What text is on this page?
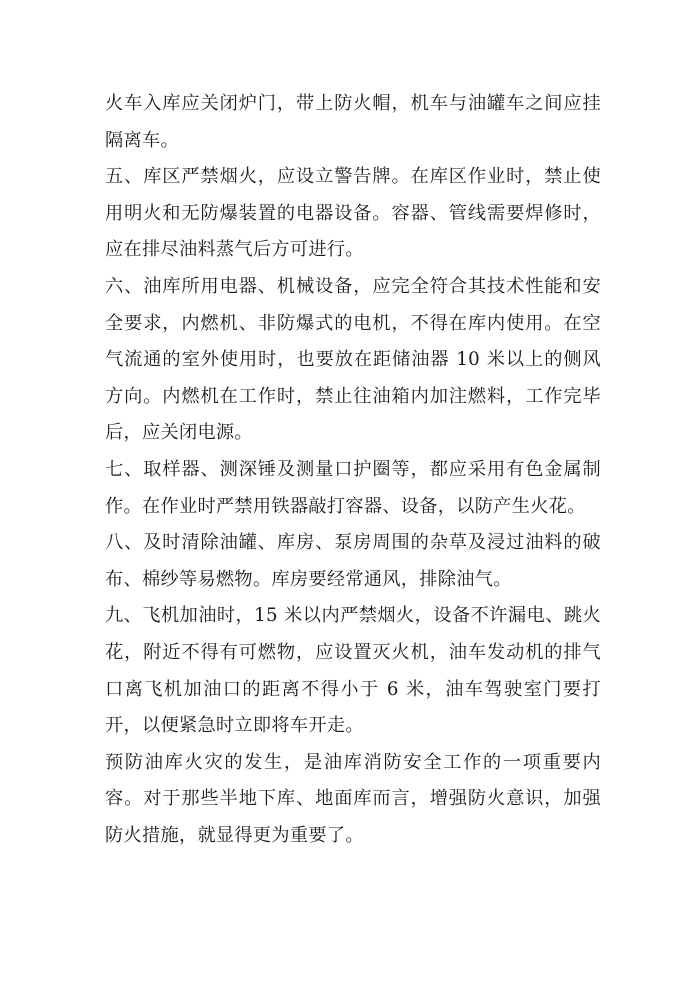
火车入库应关闭炉门，带上防火帽，机车与油罐车之间应挂隔离车。

五、库区严禁烟火，应设立警告牌。在库区作业时，禁止使用明火和无防爆装置的电器设备。容器、管线需要焊修时，应在排尽油料蒸气后方可进行。

六、油库所用电器、机械设备，应完全符合其技术性能和安全要求，内燃机、非防爆式的电机，不得在库内使用。在空气流通的室外使用时，也要放在距储油器 10 米以上的侧风方向。内燃机在工作时，禁止往油箱内加注燃料，工作完毕后，应关闭电源。

七、取样器、测深锤及测量口护圈等，都应采用有色金属制作。在作业时严禁用铁器敲打容器、设备，以防产生火花。

八、及时清除油罐、库房、泵房周围的杂草及浸过油料的破布、棉纱等易燃物。库房要经常通风，排除油气。

九、飞机加油时，15 米以内严禁烟火，设备不许漏电、跳火花，附近不得有可燃物，应设置灭火机，油车发动机的排气口离飞机加油口的距离不得小于 6 米，油车驾驶室门要打开，以便紧急时立即将车开走。

预防油库火灾的发生，是油库消防安全工作的一项重要内容。对于那些半地下库、地面库而言，增强防火意识，加强防火措施，就显得更为重要了。
